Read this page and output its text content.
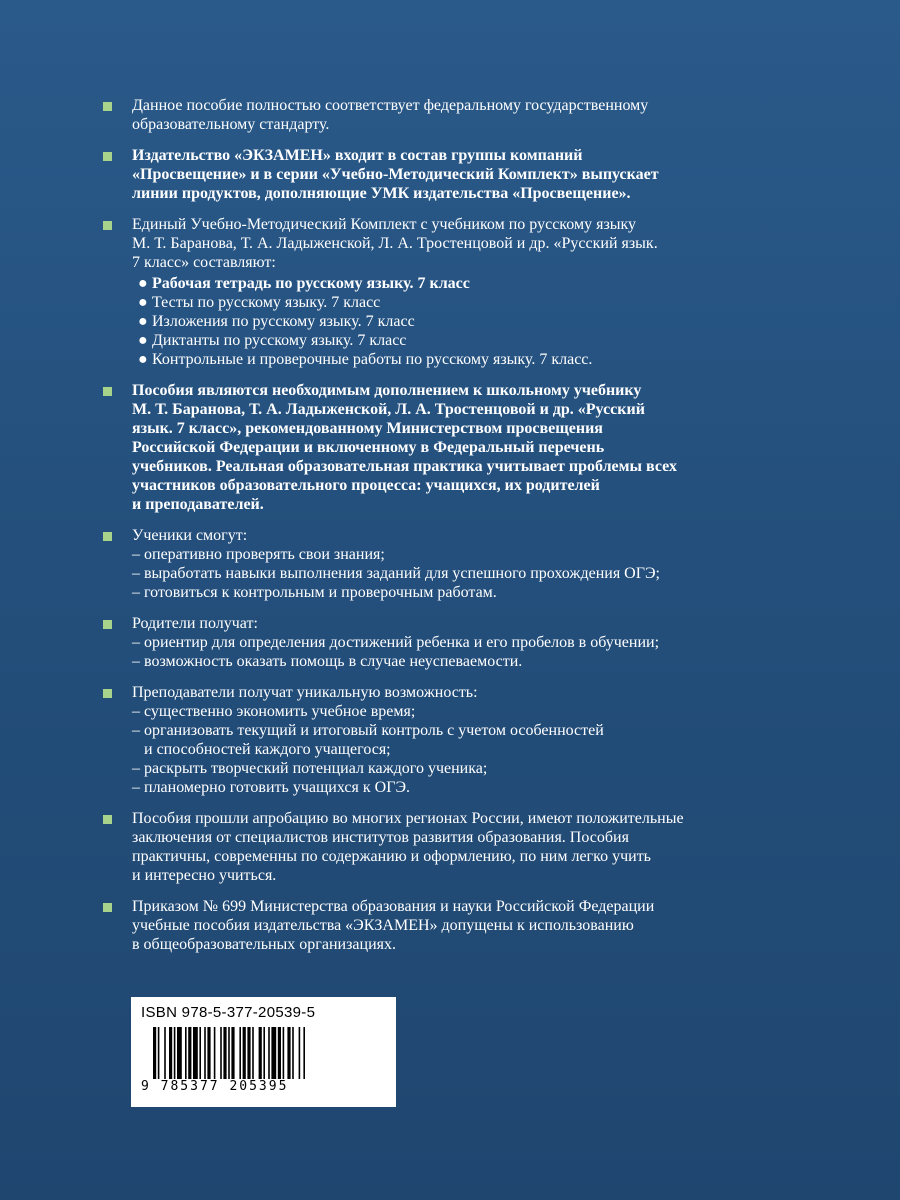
Данное пособие полностью соответствует федеральному государственному
образовательному стандарту.
Издательство «ЭКЗАМЕН» входит в состав группы компаний
«Просвещение» и в серии «Учебно-Методический Комплект» выпускает
линии продуктов, дополняющие УМК издательства «Просвещение».
Единый Учебно-Методический Комплект с учебником по русскому языку
М. Т. Баранова, Т. А. Ладыженской, Л. А. Тростенцовой и др. «Русский язык.
7 класс» составляют:
● Рабочая тетрадь по русскому языку. 7 класс
● Тесты по русскому языку. 7 класс
● Изложения по русскому языку. 7 класс
● Диктанты по русскому языку. 7 класс
● Контрольные и проверочные работы по русскому языку. 7 класс.
Пособия являются необходимым дополнением к школьному учебнику
М. Т. Баранова, Т. А. Ладыженской, Л. А. Тростенцовой и др. «Русский
язык. 7 класс», рекомендованному Министерством просвещения
Российской Федерации и включенному в Федеральный перечень
учебников. Реальная образовательная практика учитывает проблемы всех
участников образовательного процесса: учащихся, их родителей
и преподавателей.
Ученики смогут:
– оперативно проверять свои знания;
– выработать навыки выполнения заданий для успешного прохождения ОГЭ;
– готовиться к контрольным и проверочным работам.
Родители получат:
– ориентир для определения достижений ребенка и его пробелов в обучении;
– возможность оказать помощь в случае неуспеваемости.
Преподаватели получат уникальную возможность:
– существенно экономить учебное время;
– организовать текущий и итоговый контроль с учетом особенностей
и способностей каждого учащегося;
– раскрыть творческий потенциал каждого ученика;
– планомерно готовить учащихся к ОГЭ.
Пособия прошли апробацию во многих регионах России, имеют положительные
заключения от специалистов институтов развития образования. Пособия
практичны, современны по содержанию и оформлению, по ним легко учить
и интересно учиться.
Приказом № 699 Министерства образования и науки Российской Федерации
учебные пособия издательства «ЭКЗАМЕН» допущены к использованию
в общеобразовательных организациях.
ISBN 978-5-377-20539-5
9 785377 205395
